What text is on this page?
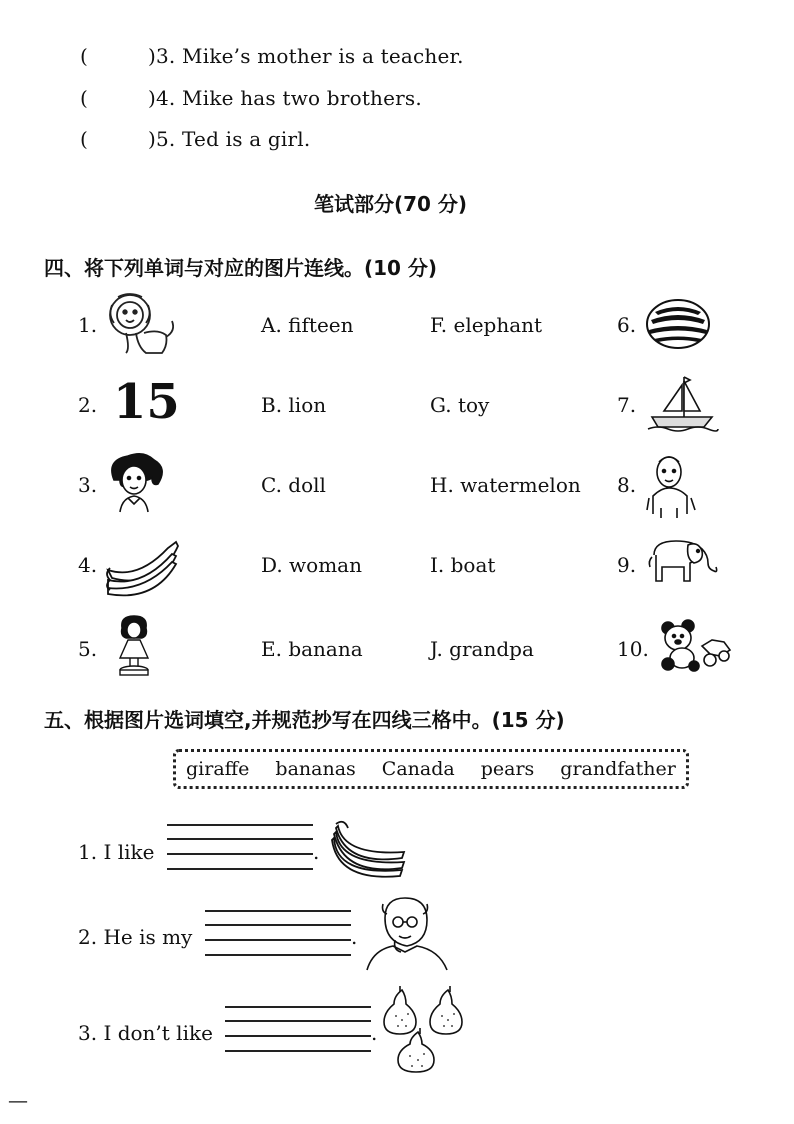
(	)3. Mike’s mother is a teacher.
(	)4. Mike has two brothers.
(	)5. Ted is a girl.
笔试部分(70 分)
四、将下列单词与对应的图片连线。(10 分)
1.	A. fifteen	F. elephant	6.
2. 15	B. lion	G. toy	7.
3.	C. doll	H. watermelon 8.
4.	D. woman	I. boat	9.
5.	E. banana	J. grandpa	10.
五、根据图片选词填空,并规范抄写在四线三格中。(15 分)
giraffe bananas Canada pears grandfather
1. I like	.
2. He is my	.
3. I don’t like	.
—
